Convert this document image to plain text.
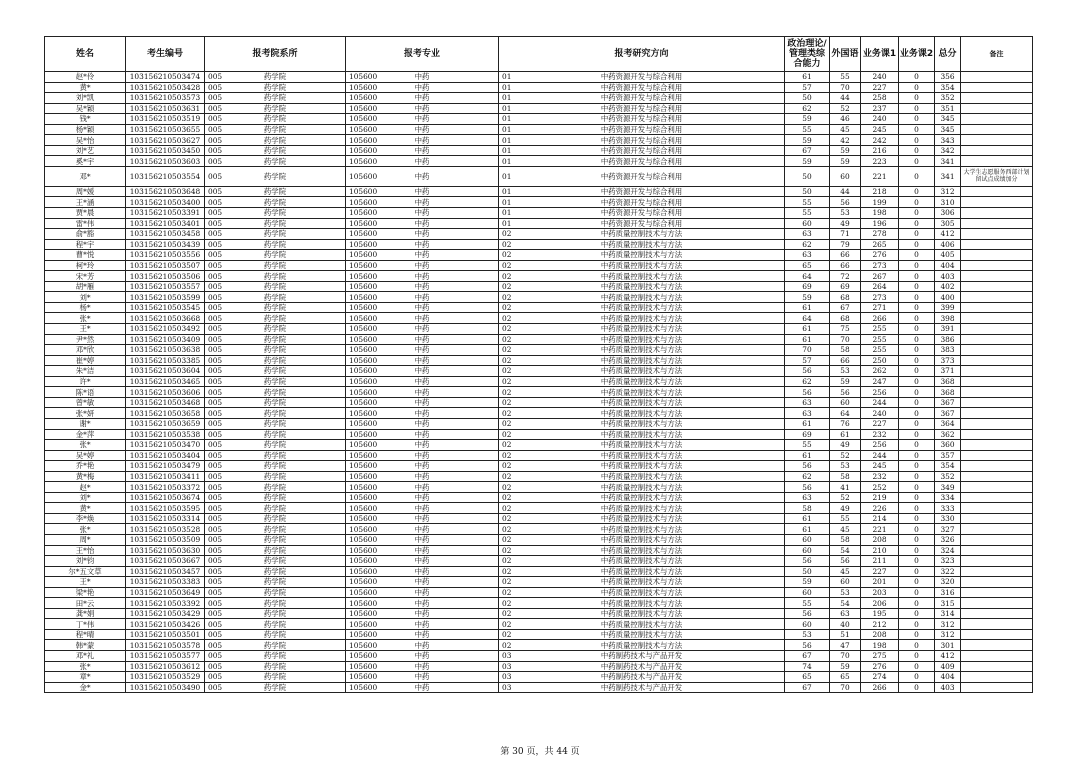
姓名	考生编号	报考院系所	报考专业	报考研究方向	政治理论/管理类综合能力	外国语	业务课1	业务课2	总分	备注
赵*伶	103156210503474	005 药学院	105600 中药	01 中药资源开发与综合利用	61	55	240	0	356	
黄*	103156210503428	005 药学院	105600 中药	01 中药资源开发与综合利用	57	70	227	0	354	
刘*凯	103156210503573	005 药学院	105600 中药	01 中药资源开发与综合利用	50	44	258	0	352	
吴*颖	103156210503631	005 药学院	105600 中药	01 中药资源开发与综合利用	62	52	237	0	351	
钱*	103156210503519	005 药学院	105600 中药	01 中药资源开发与综合利用	59	46	240	0	345	
杨*颖	103156210503655	005 药学院	105600 中药	01 中药资源开发与综合利用	55	45	245	0	345	
吴*怡	103156210503627	005 药学院	105600 中药	01 中药资源开发与综合利用	59	42	242	0	343	
刘*艺	103156210503450	005 药学院	105600 中药	01 中药资源开发与综合利用	67	59	216	0	342	
奚*宇	103156210503603	005 药学院	105600 中药	01 中药资源开发与综合利用	59	59	223	0	341	
邓*	103156210503554	005 药学院	105600 中药	01 中药资源开发与综合利用	50	60	221	0	341	大学生志愿服务西部计划留试点成绩加分
周*媛	103156210503648	005 药学院	105600 中药	01 中药资源开发与综合利用	50	44	218	0	312	
王*涵	103156210503400	005 药学院	105600 中药	01 中药资源开发与综合利用	55	56	199	0	310	
贾*晨	103156210503391	005 药学院	105600 中药	01 中药资源开发与综合利用	55	53	198	0	306	
雷*伟	103156210503401	005 药学院	105600 中药	01 中药资源开发与综合利用	60	49	196	0	305	
俞*豁	103156210503458	005 药学院	105600 中药	02 中药质量控制技术与方法	63	71	278	0	412	
程*宇	103156210503439	005 药学院	105600 中药	02 中药质量控制技术与方法	62	79	265	0	406	
曹*悦	103156210503556	005 药学院	105600 中药	02 中药质量控制技术与方法	63	66	276	0	405	
柯*玲	103156210503507	005 药学院	105600 中药	02 中药质量控制技术与方法	65	66	273	0	404	
宋*芳	103156210503506	005 药学院	105600 中药	02 中药质量控制技术与方法	64	72	267	0	403	
胡*雁	103156210503557	005 药学院	105600 中药	02 中药质量控制技术与方法	69	69	264	0	402	
刘*	103156210503599	005 药学院	105600 中药	02 中药质量控制技术与方法	59	68	273	0	400	
杨*	103156210503545	005 药学院	105600 中药	02 中药质量控制技术与方法	61	67	271	0	399	
张*	103156210503668	005 药学院	105600 中药	02 中药质量控制技术与方法	64	68	266	0	398	
王*	103156210503492	005 药学院	105600 中药	02 中药质量控制技术与方法	61	75	255	0	391	
尹*然	103156210503409	005 药学院	105600 中药	02 中药质量控制技术与方法	61	70	255	0	386	
邓*欣	103156210503638	005 药学院	105600 中药	02 中药质量控制技术与方法	70	58	255	0	383	
崔*婷	103156210503385	005 药学院	105600 中药	02 中药质量控制技术与方法	57	66	250	0	373	
朱*洁	103156210503604	005 药学院	105600 中药	02 中药质量控制技术与方法	56	53	262	0	371	
许*	103156210503465	005 药学院	105600 中药	02 中药质量控制技术与方法	62	59	247	0	368	
陈*语	103156210503606	005 药学院	105600 中药	02 中药质量控制技术与方法	56	56	256	0	368	
曾*敏	103156210503468	005 药学院	105600 中药	02 中药质量控制技术与方法	63	60	244	0	367	
张*妍	103156210503658	005 药学院	105600 中药	02 中药质量控制技术与方法	63	64	240	0	367	
谢*	103156210503659	005 药学院	105600 中药	02 中药质量控制技术与方法	61	76	227	0	364	
金*萍	103156210503538	005 药学院	105600 中药	02 中药质量控制技术与方法	69	61	232	0	362	
张*	103156210503470	005 药学院	105600 中药	02 中药质量控制技术与方法	55	49	256	0	360	
吴*婷	103156210503404	005 药学院	105600 中药	02 中药质量控制技术与方法	61	52	244	0	357	
乔*艳	103156210503479	005 药学院	105600 中药	02 中药质量控制技术与方法	56	53	245	0	354	
黄*梅	103156210503411	005 药学院	105600 中药	02 中药质量控制技术与方法	62	58	232	0	352	
赵*	103156210503372	005 药学院	105600 中药	02 中药质量控制技术与方法	56	41	252	0	349	
刘*	103156210503674	005 药学院	105600 中药	02 中药质量控制技术与方法	63	52	219	0	334	
黄*	103156210503595	005 药学院	105600 中药	02 中药质量控制技术与方法	58	49	226	0	333	
李*焕	103156210503314	005 药学院	105600 中药	02 中药质量控制技术与方法	61	55	214	0	330	
张*	103156210503528	005 药学院	105600 中药	02 中药质量控制技术与方法	61	45	221	0	327	
周*	103156210503509	005 药学院	105600 中药	02 中药质量控制技术与方法	60	58	208	0	326	
王*怡	103156210503630	005 药学院	105600 中药	02 中药质量控制技术与方法	60	54	210	0	324	
刘*钧	103156210503667	005 药学院	105600 中药	02 中药质量控制技术与方法	56	56	211	0	323	
尔*五文草	103156210503457	005 药学院	105600 中药	02 中药质量控制技术与方法	50	45	227	0	322	
王*	103156210503383	005 药学院	105600 中药	02 中药质量控制技术与方法	59	60	201	0	320	
梁*艳	103156210503649	005 药学院	105600 中药	02 中药质量控制技术与方法	60	53	203	0	316	
田*云	103156210503392	005 药学院	105600 中药	02 中药质量控制技术与方法	55	54	206	0	315	
龚*娟	103156210503429	005 药学院	105600 中药	02 中药质量控制技术与方法	56	63	195	0	314	
丁*伟	103156210503426	005 药学院	105600 中药	02 中药质量控制技术与方法	60	40	212	0	312	
程*晴	103156210503501	005 药学院	105600 中药	02 中药质量控制技术与方法	53	51	208	0	312	
韩*蒙	103156210503578	005 药学院	105600 中药	02 中药质量控制技术与方法	56	47	198	0	301	
邓*礼	103156210503577	005 药学院	105600 中药	03 中药制药技术与产品开发	67	70	275	0	412	
张*	103156210503612	005 药学院	105600 中药	03 中药制药技术与产品开发	74	59	276	0	409	
章*	103156210503529	005 药学院	105600 中药	03 中药制药技术与产品开发	65	65	274	0	404	
金*	103156210503490	005 药学院	105600 中药	03 中药制药技术与产品开发	67	70	266	0	403	
第 30 页，共 44 页
